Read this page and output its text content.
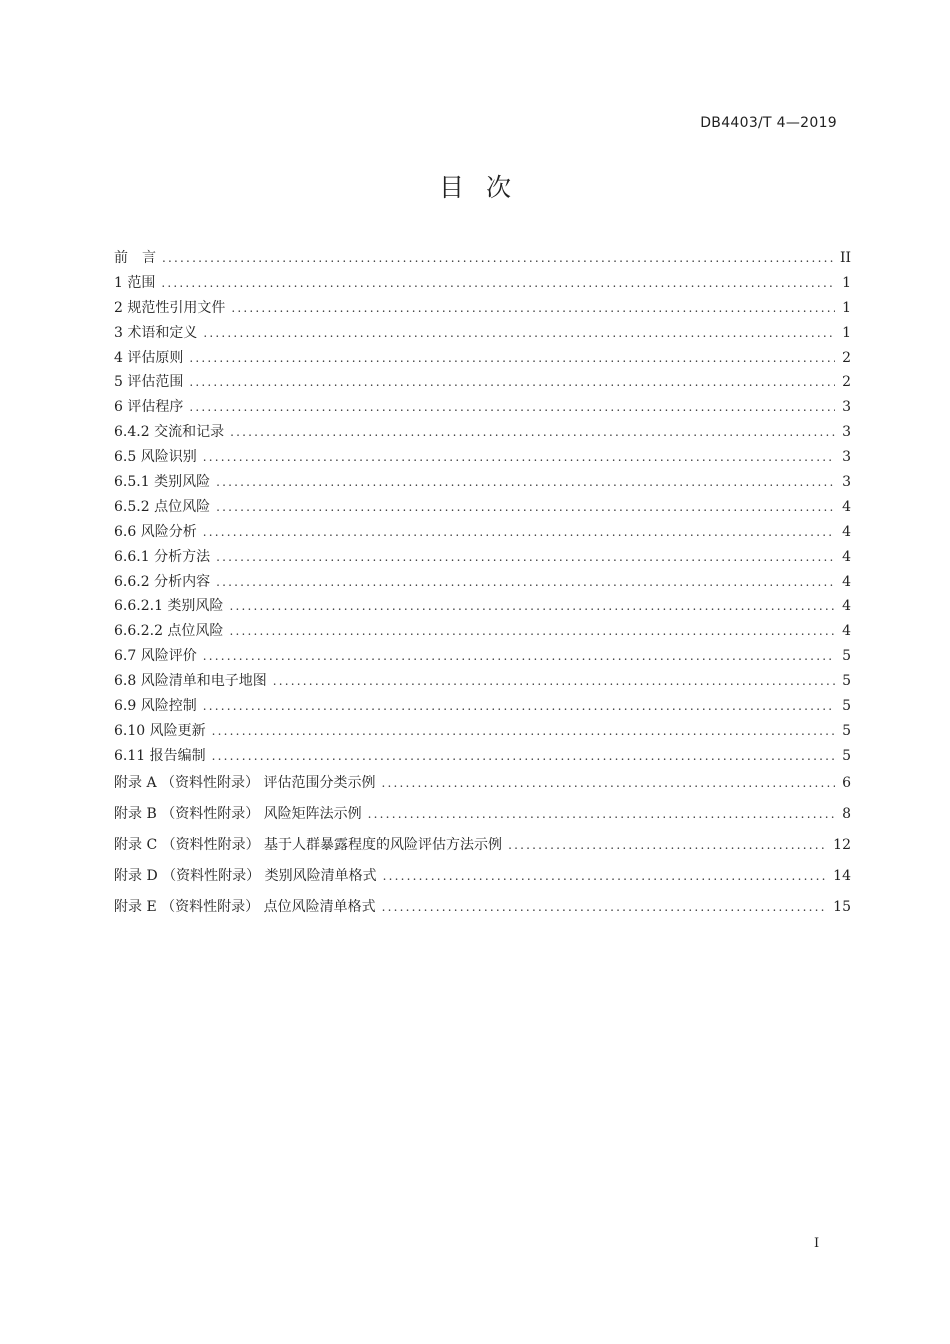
DB4403/T 4—2019
目次
前　言 .....	II
1 范围 .....	1
2 规范性引用文件 .....	1
3 术语和定义 .....	1
4 评估原则 .....	2
5 评估范围 .....	2
6 评估程序 .....	3
6.4.2 交流和记录 .....	3
6.5 风险识别 .....	3
6.5.1 类别风险 .....	3
6.5.2 点位风险 .....	4
6.6 风险分析 .....	4
6.6.1 分析方法 .....	4
6.6.2 分析内容 .....	4
6.6.2.1 类别风险 .....	4
6.6.2.2 点位风险 .....	4
6.7 风险评价 .....	5
6.8 风险清单和电子地图 .....	5
6.9 风险控制 .....	5
6.10 风险更新 .....	5
6.11 报告编制 .....	5
附录 A （资料性附录） 评估范围分类示例 .....	6
附录 B （资料性附录） 风险矩阵法示例 .....	8
附录 C （资料性附录） 基于人群暴露程度的风险评估方法示例 .....	12
附录 D （资料性附录） 类别风险清单格式 .....	14
附录 E （资料性附录） 点位风险清单格式 .....	15
I
